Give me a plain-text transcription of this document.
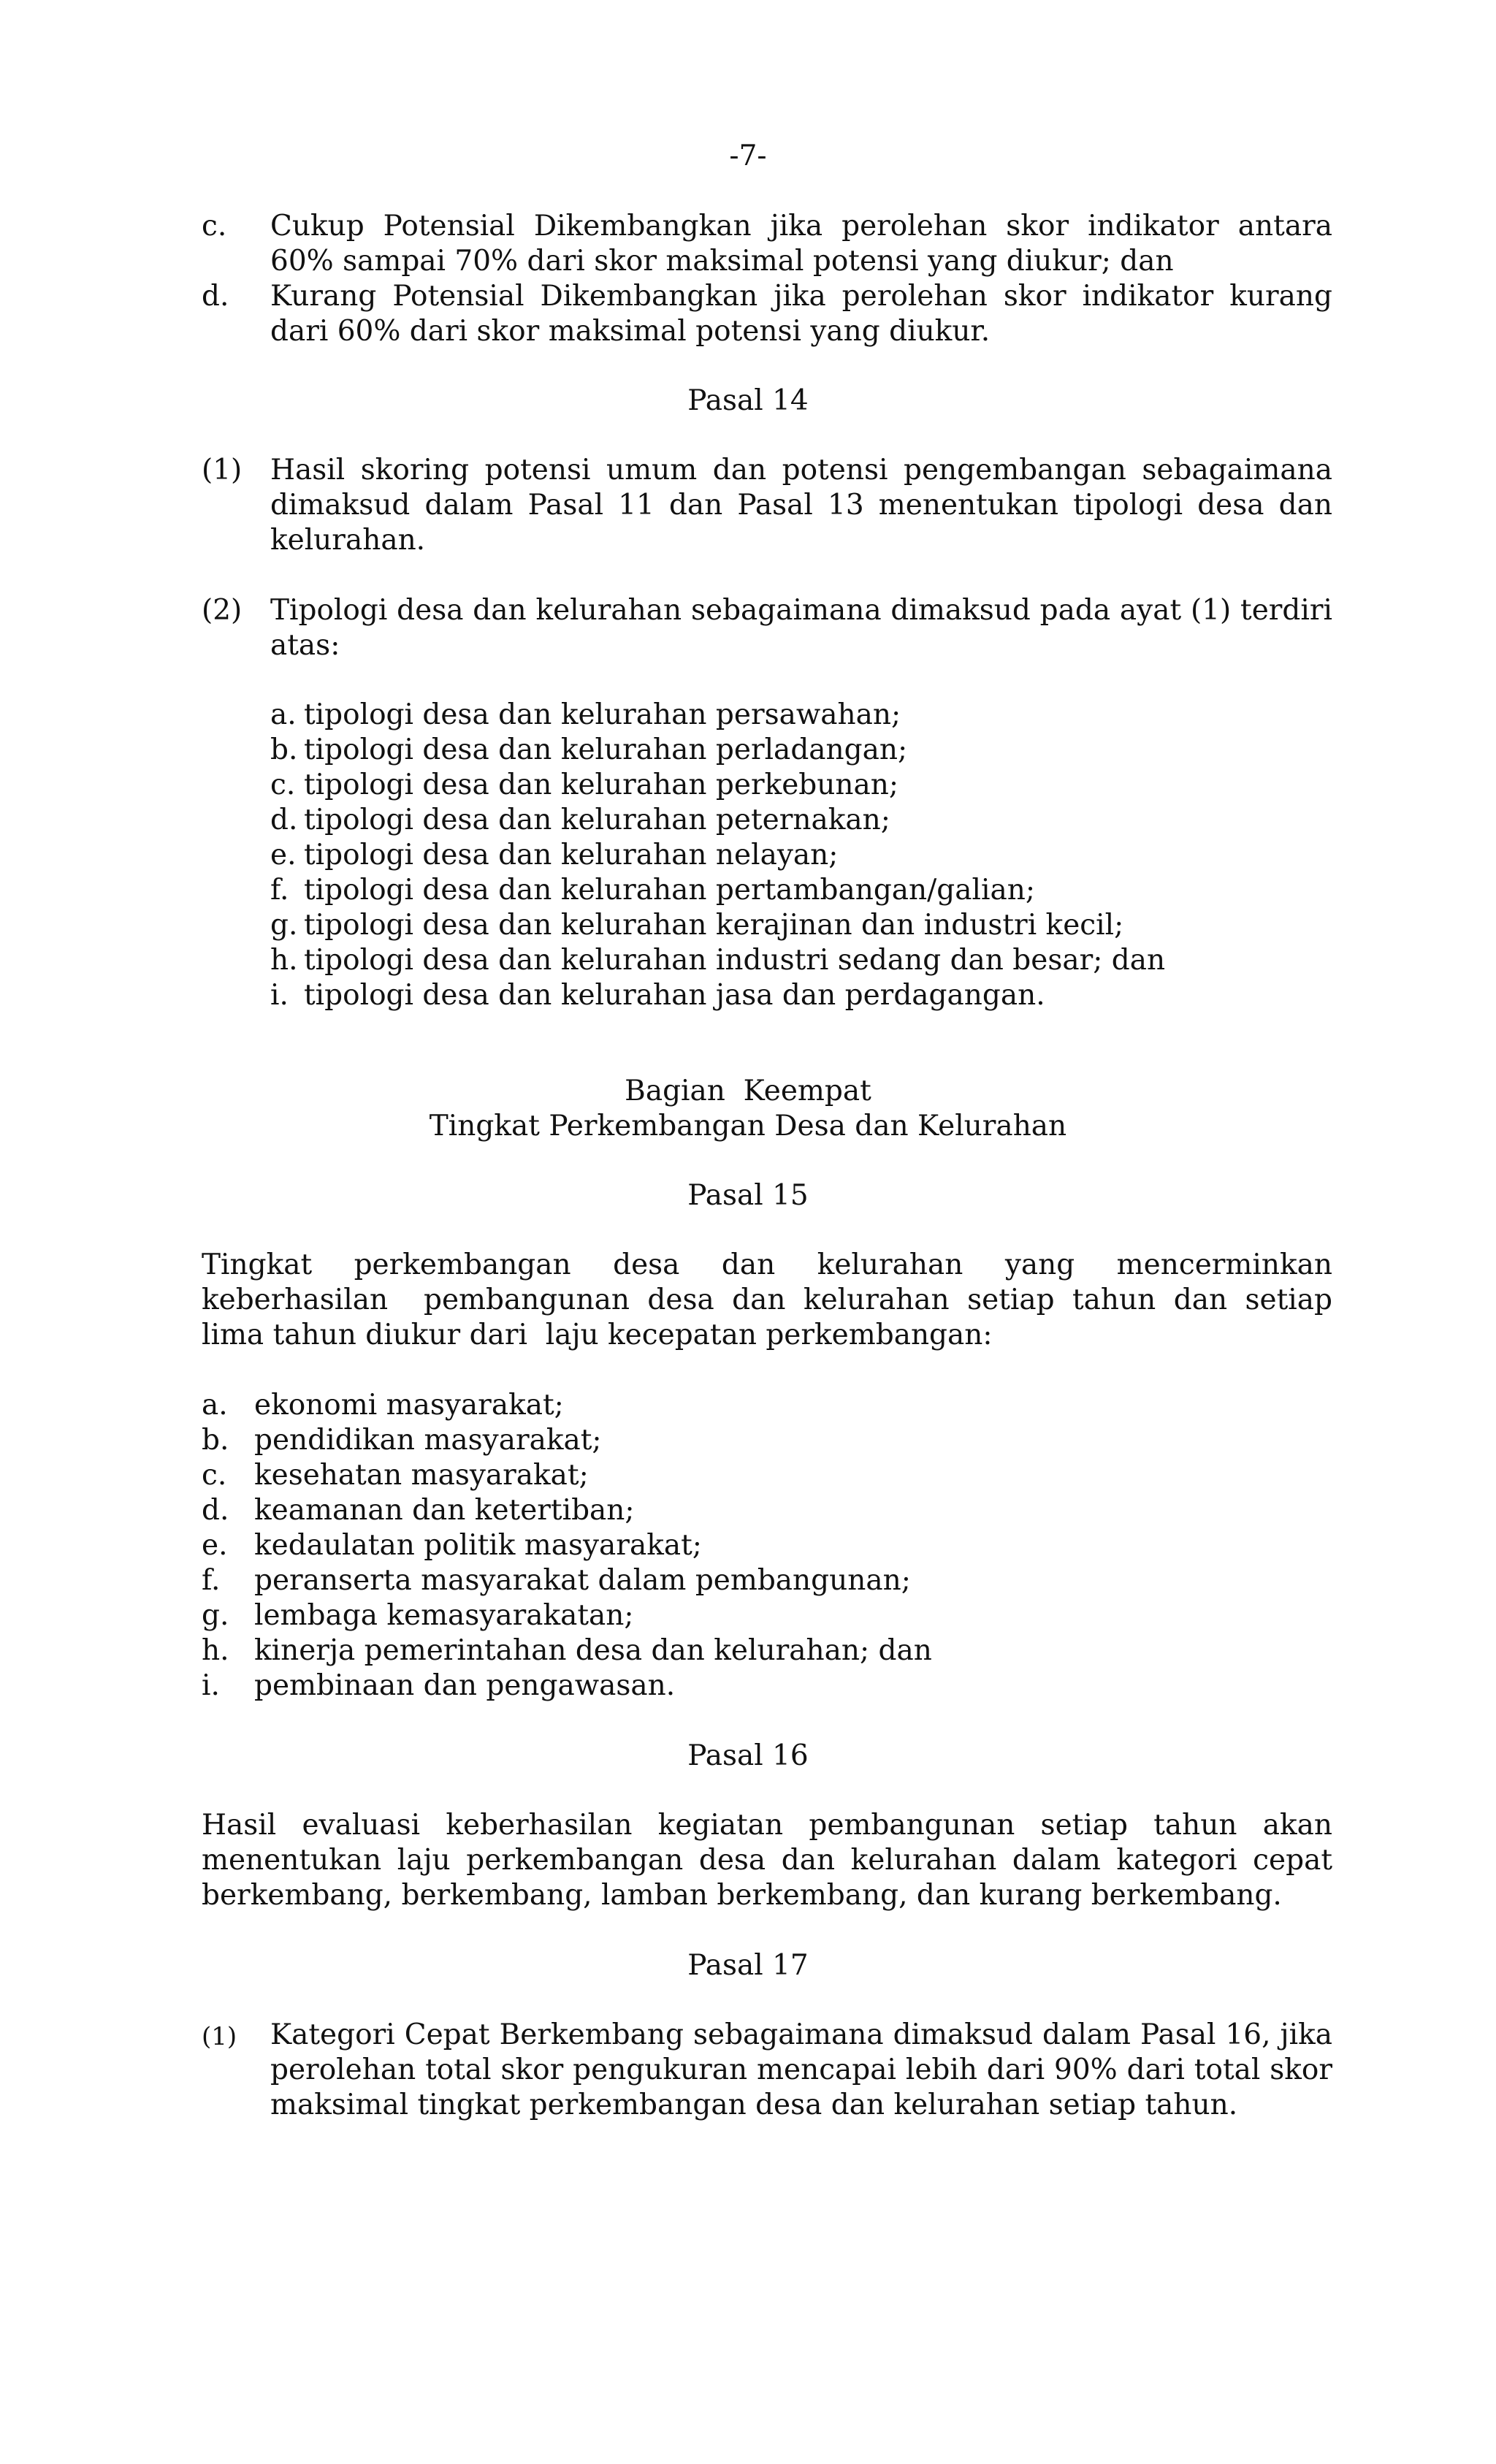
-7-
c. Cukup Potensial Dikembangkan jika perolehan skor indikator antara
60% sampai 70% dari skor maksimal potensi yang diukur; dan
d. Kurang Potensial Dikembangkan jika perolehan skor indikator kurang
dari 60% dari skor maksimal potensi yang diukur.
Pasal 14
(1) Hasil skoring potensi umum dan potensi pengembangan sebagaimana
dimaksud dalam Pasal 11 dan Pasal 13 menentukan tipologi desa dan
kelurahan.
(2) Tipologi desa dan kelurahan sebagaimana dimaksud pada ayat (1) terdiri
atas:
a. tipologi desa dan kelurahan persawahan;
b. tipologi desa dan kelurahan perladangan;
c. tipologi desa dan kelurahan perkebunan;
d. tipologi desa dan kelurahan peternakan;
e. tipologi desa dan kelurahan nelayan;
f. tipologi desa dan kelurahan pertambangan/galian;
g. tipologi desa dan kelurahan kerajinan dan industri kecil;
h. tipologi desa dan kelurahan industri sedang dan besar; dan
i. tipologi desa dan kelurahan jasa dan perdagangan.
Bagian  Keempat
Tingkat Perkembangan Desa dan Kelurahan
Pasal 15
Tingkat perkembangan desa dan kelurahan yang mencerminkan
keberhasilan  pembangunan desa dan kelurahan setiap tahun dan setiap
lima tahun diukur dari  laju kecepatan perkembangan:
a. ekonomi masyarakat;
b. pendidikan masyarakat;
c. kesehatan masyarakat;
d. keamanan dan ketertiban;
e. kedaulatan politik masyarakat;
f. peranserta masyarakat dalam pembangunan;
g. lembaga kemasyarakatan;
h. kinerja pemerintahan desa dan kelurahan; dan
i. pembinaan dan pengawasan.
Pasal 16
Hasil evaluasi keberhasilan kegiatan pembangunan setiap tahun akan
menentukan laju perkembangan desa dan kelurahan dalam kategori cepat
berkembang, berkembang, lamban berkembang, dan kurang berkembang.
Pasal 17
(1) Kategori Cepat Berkembang sebagaimana dimaksud dalam Pasal 16, jika
perolehan total skor pengukuran mencapai lebih dari 90% dari total skor
maksimal tingkat perkembangan desa dan kelurahan setiap tahun.
